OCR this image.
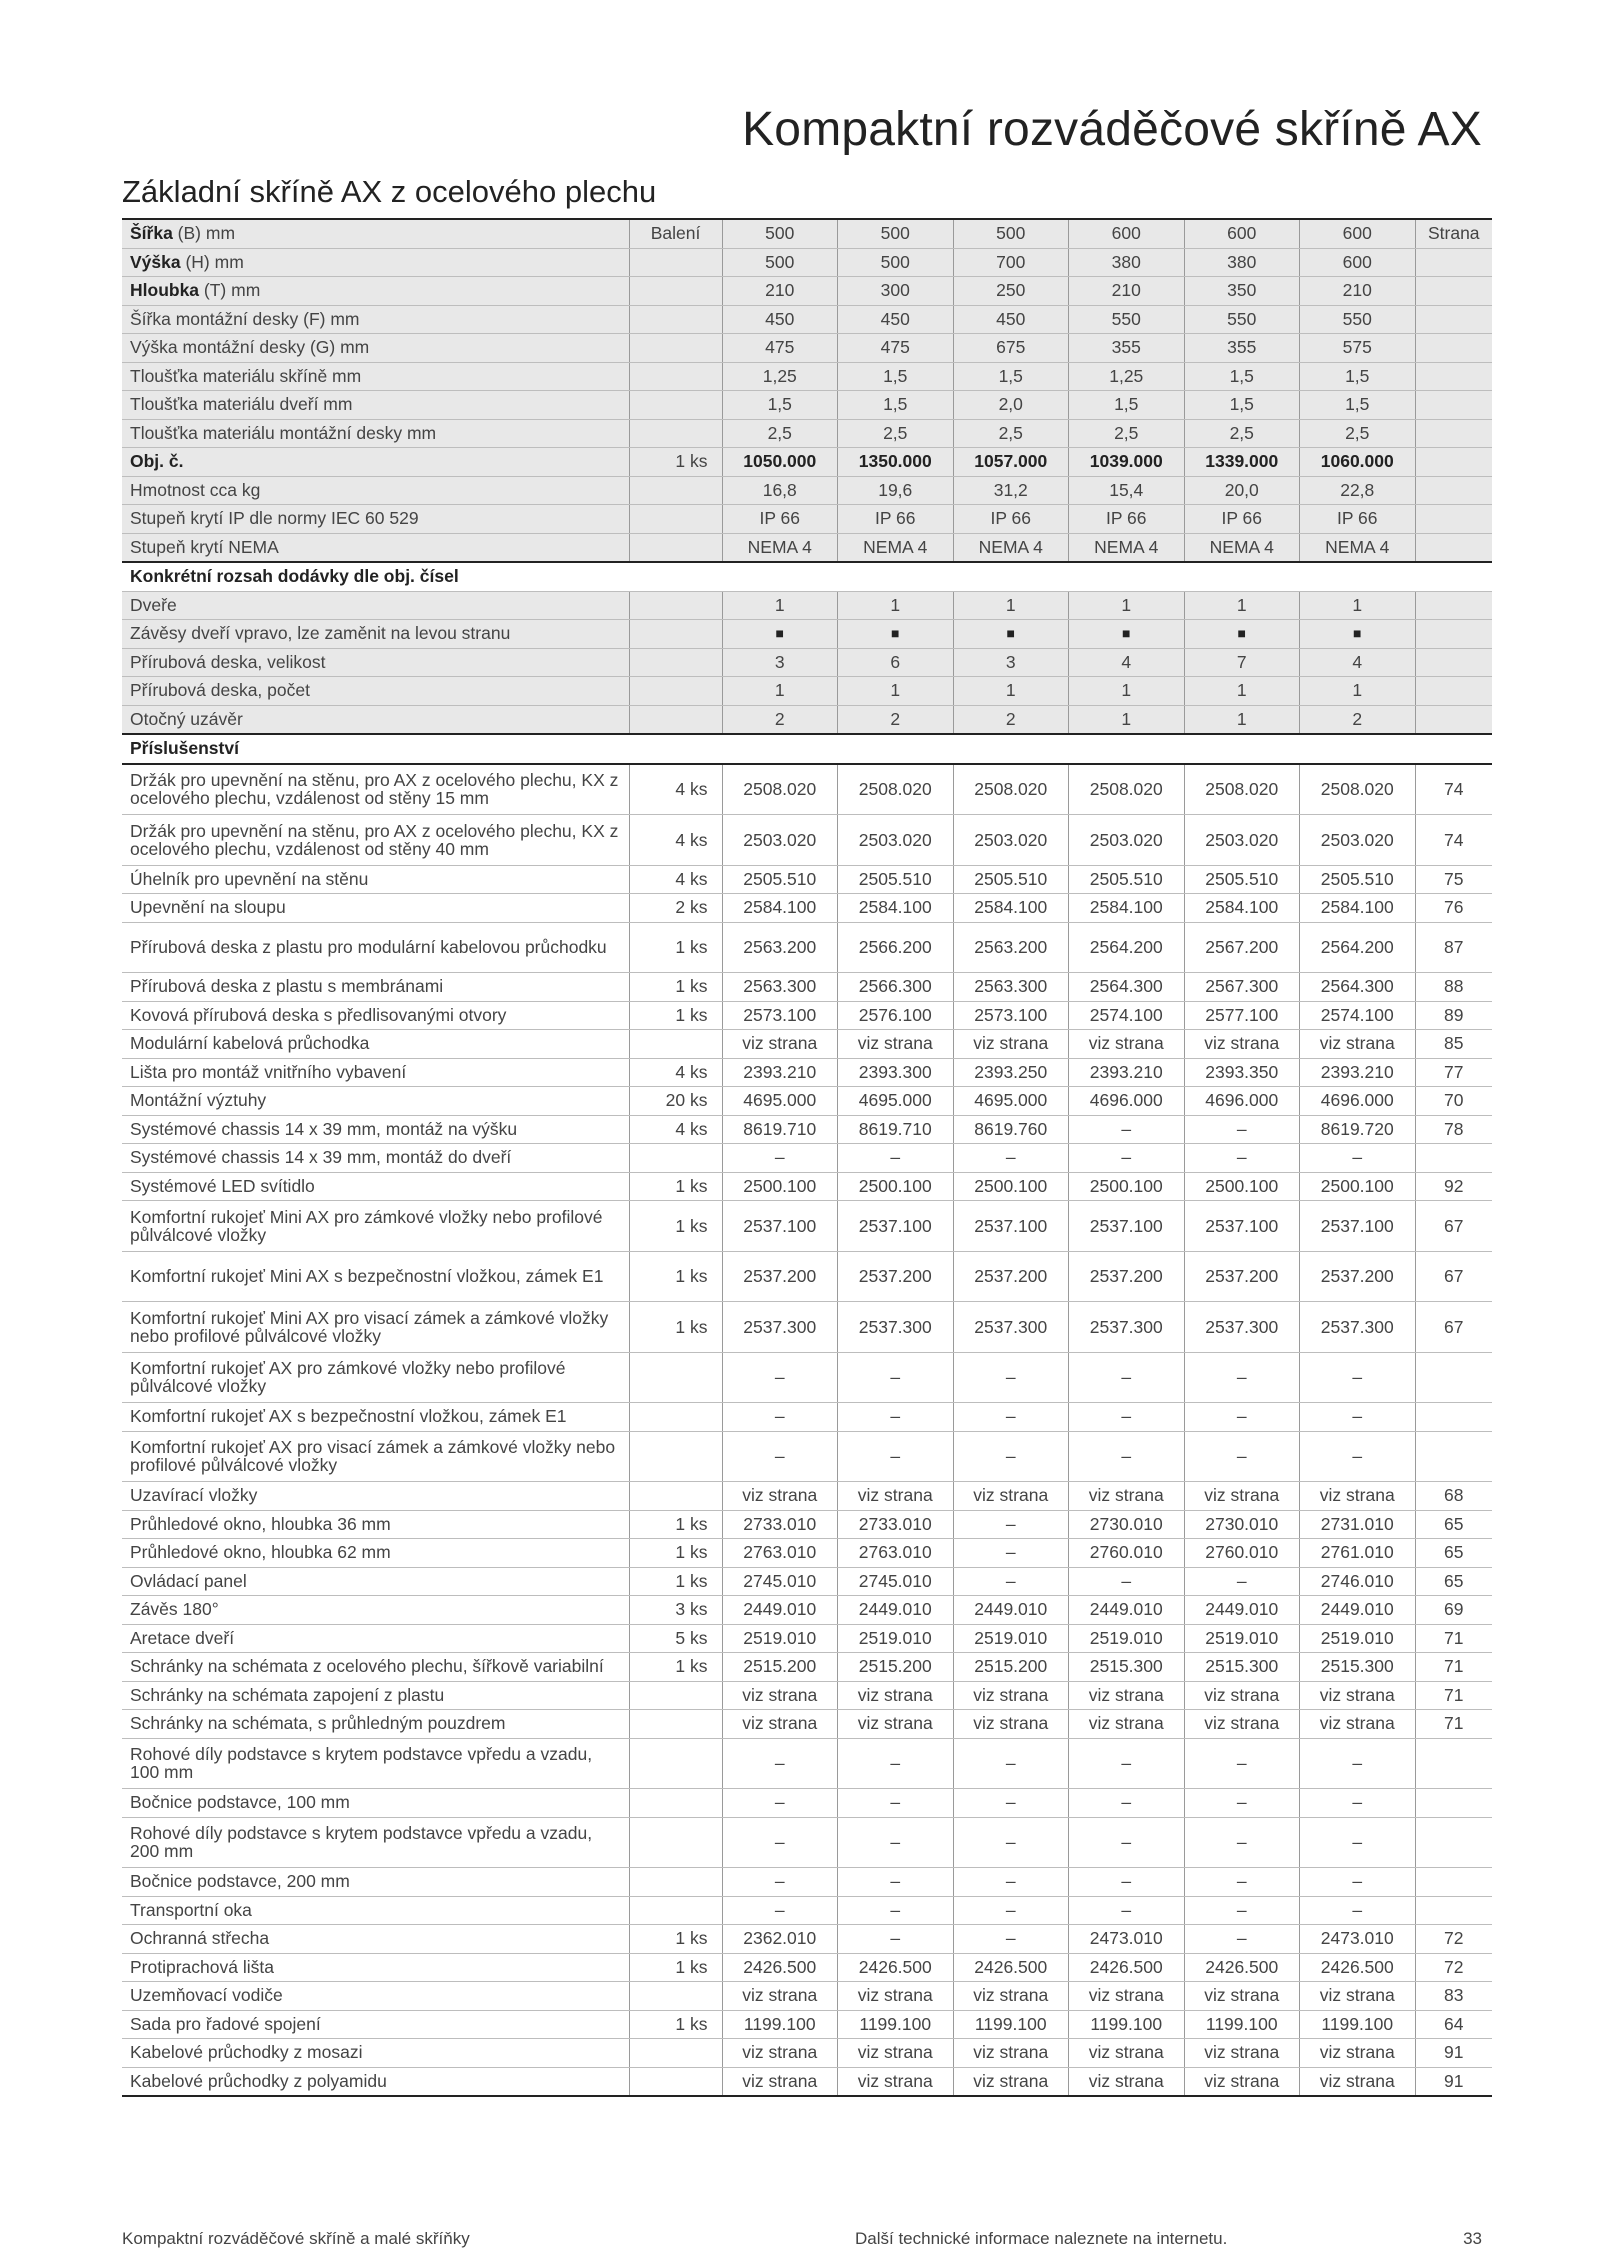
Kompaktní rozváděčové skříně AX
Základní skříně AX z ocelového plechu
Šířka (B) mm	Balení	500	500	500	600	600	600	Strana
Výška (H) mm		500	500	700	380	380	600	
Hloubka (T) mm		210	300	250	210	350	210	
Šířka montážní desky (F) mm		450	450	450	550	550	550	
Výška montážní desky (G) mm		475	475	675	355	355	575	
Tloušťka materiálu skříně mm		1,25	1,5	1,5	1,25	1,5	1,5	
Tloušťka materiálu dveří mm		1,5	1,5	2,0	1,5	1,5	1,5	
Tloušťka materiálu montážní desky mm		2,5	2,5	2,5	2,5	2,5	2,5	
Obj. č.	1 ks	1050.000	1350.000	1057.000	1039.000	1339.000	1060.000	
Hmotnost cca kg		16,8	19,6	31,2	15,4	20,0	22,8	
Stupeň krytí IP dle normy IEC 60 529		IP 66	IP 66	IP 66	IP 66	IP 66	IP 66	
Stupeň krytí NEMA		NEMA 4	NEMA 4	NEMA 4	NEMA 4	NEMA 4	NEMA 4	
Konkrétní rozsah dodávky dle obj. čísel								
Dveře		1	1	1	1	1	1	
Závěsy dveří vpravo, lze zaměnit na levou stranu		■	■	■	■	■	■	
Přírubová deska, velikost		3	6	3	4	7	4	
Přírubová deska, počet		1	1	1	1	1	1	
Otočný uzávěr		2	2	2	1	1	2	
Příslušenství								
Držák pro upevnění na stěnu, pro AX z ocelového plechu, KX z ocelového plechu, vzdálenost od stěny 15 mm	4 ks	2508.020	2508.020	2508.020	2508.020	2508.020	2508.020	74
Držák pro upevnění na stěnu, pro AX z ocelového plechu, KX z ocelového plechu, vzdálenost od stěny 40 mm	4 ks	2503.020	2503.020	2503.020	2503.020	2503.020	2503.020	74
Úhelník pro upevnění na stěnu	4 ks	2505.510	2505.510	2505.510	2505.510	2505.510	2505.510	75
Upevnění na sloupu	2 ks	2584.100	2584.100	2584.100	2584.100	2584.100	2584.100	76
Přírubová deska z plastu pro modulární kabelovou průchodku	1 ks	2563.200	2566.200	2563.200	2564.200	2567.200	2564.200	87
Přírubová deska z plastu s membránami	1 ks	2563.300	2566.300	2563.300	2564.300	2567.300	2564.300	88
Kovová přírubová deska s předlisovanými otvory	1 ks	2573.100	2576.100	2573.100	2574.100	2577.100	2574.100	89
Modulární kabelová průchodka		viz strana	viz strana	viz strana	viz strana	viz strana	viz strana	85
Lišta pro montáž vnitřního vybavení	4 ks	2393.210	2393.300	2393.250	2393.210	2393.350	2393.210	77
Montážní výztuhy	20 ks	4695.000	4695.000	4695.000	4696.000	4696.000	4696.000	70
Systémové chassis 14 x 39 mm, montáž na výšku	4 ks	8619.710	8619.710	8619.760	–	–	8619.720	78
Systémové chassis 14 x 39 mm, montáž do dveří		–	–	–	–	–	–	
Systémové LED svítidlo	1 ks	2500.100	2500.100	2500.100	2500.100	2500.100	2500.100	92
Komfortní rukojeť Mini AX pro zámkové vložky nebo profilové půlválcové vložky	1 ks	2537.100	2537.100	2537.100	2537.100	2537.100	2537.100	67
Komfortní rukojeť Mini AX s bezpečnostní vložkou, zámek E1	1 ks	2537.200	2537.200	2537.200	2537.200	2537.200	2537.200	67
Komfortní rukojeť Mini AX pro visací zámek a zámkové vložky nebo profilové půlválcové vložky	1 ks	2537.300	2537.300	2537.300	2537.300	2537.300	2537.300	67
Komfortní rukojeť AX pro zámkové vložky nebo profilové půlválcové vložky		–	–	–	–	–	–	
Komfortní rukojeť AX s bezpečnostní vložkou, zámek E1		–	–	–	–	–	–	
Komfortní rukojeť AX pro visací zámek a zámkové vložky nebo profilové půlválcové vložky		–	–	–	–	–	–	
Uzavírací vložky		viz strana	viz strana	viz strana	viz strana	viz strana	viz strana	68
Průhledové okno, hloubka 36 mm	1 ks	2733.010	2733.010	–	2730.010	2730.010	2731.010	65
Průhledové okno, hloubka 62 mm	1 ks	2763.010	2763.010	–	2760.010	2760.010	2761.010	65
Ovládací panel	1 ks	2745.010	2745.010	–	–	–	2746.010	65
Závěs 180°	3 ks	2449.010	2449.010	2449.010	2449.010	2449.010	2449.010	69
Aretace dveří	5 ks	2519.010	2519.010	2519.010	2519.010	2519.010	2519.010	71
Schránky na schémata z ocelového plechu, šířkově variabilní	1 ks	2515.200	2515.200	2515.200	2515.300	2515.300	2515.300	71
Schránky na schémata zapojení z plastu		viz strana	viz strana	viz strana	viz strana	viz strana	viz strana	71
Schránky na schémata, s průhledným pouzdrem		viz strana	viz strana	viz strana	viz strana	viz strana	viz strana	71
Rohové díly podstavce s krytem podstavce vpředu a vzadu, 100 mm		–	–	–	–	–	–	
Bočnice podstavce, 100 mm		–	–	–	–	–	–	
Rohové díly podstavce s krytem podstavce vpředu a vzadu, 200 mm		–	–	–	–	–	–	
Bočnice podstavce, 200 mm		–	–	–	–	–	–	
Transportní oka		–	–	–	–	–	–	
Ochranná střecha	1 ks	2362.010	–	–	2473.010	–	2473.010	72
Protiprachová lišta	1 ks	2426.500	2426.500	2426.500	2426.500	2426.500	2426.500	72
Uzemňovací vodiče		viz strana	viz strana	viz strana	viz strana	viz strana	viz strana	83
Sada pro řadové spojení	1 ks	1199.100	1199.100	1199.100	1199.100	1199.100	1199.100	64
Kabelové průchodky z mosazi		viz strana	viz strana	viz strana	viz strana	viz strana	viz strana	91
Kabelové průchodky z polyamidu		viz strana	viz strana	viz strana	viz strana	viz strana	viz strana	91
Kompaktní rozváděčové skříně a malé skříňky	Další technické informace naleznete na internetu.	33
